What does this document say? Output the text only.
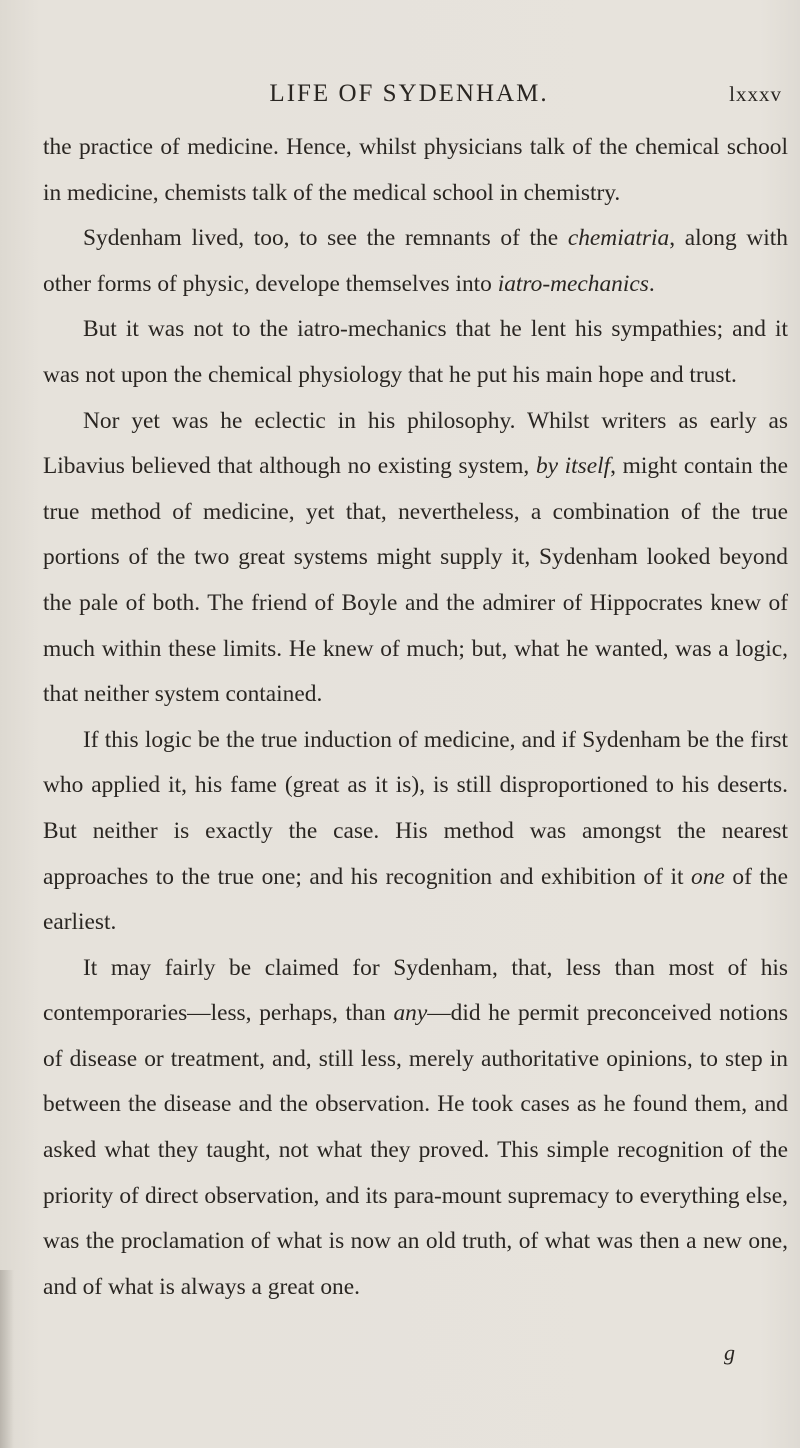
LIFE OF SYDENHAM.	lxxxv

the practice of medicine. Hence, whilst physicians talk of the chemical school in medicine, chemists talk of the medical school in chemistry.

Sydenham lived, too, to see the remnants of the chemiatria, along with other forms of physic, develope themselves into iatro-mechanics.

But it was not to the iatro-mechanics that he lent his sympathies; and it was not upon the chemical physiology that he put his main hope and trust.

Nor yet was he eclectic in his philosophy. Whilst writers as early as Libavius believed that although no existing system, by itself, might contain the true method of medicine, yet that, nevertheless, a combination of the true portions of the two great systems might supply it, Sydenham looked beyond the pale of both. The friend of Boyle and the admirer of Hippocrates knew of much within these limits. He knew of much; but, what he wanted, was a logic, that neither system contained.

If this logic be the true induction of medicine, and if Sydenham be the first who applied it, his fame (great as it is), is still disproportioned to his deserts. But neither is exactly the case. His method was amongst the nearest approaches to the true one; and his recognition and exhibition of it one of the earliest.

It may fairly be claimed for Sydenham, that, less than most of his contemporaries—less, perhaps, than any—did he permit preconceived notions of disease or treatment, and, still less, merely authoritative opinions, to step in between the disease and the observation. He took cases as he found them, and asked what they taught, not what they proved. This simple recognition of the priority of direct observation, and its para-mount supremacy to everything else, was the proclamation of what is now an old truth, of what was then a new one, and of what is always a great one.

g
